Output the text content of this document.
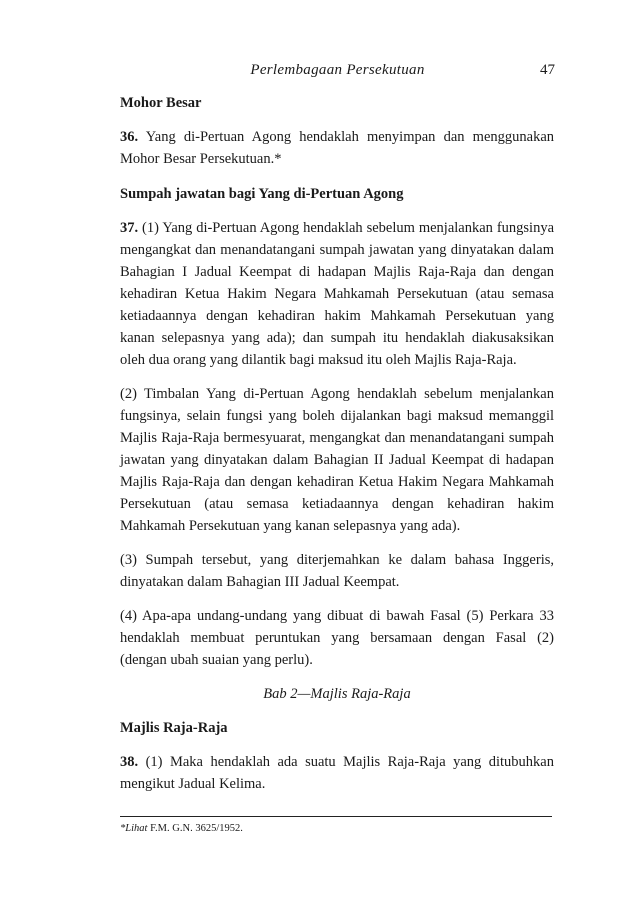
Perlembagaan Persekutuan	47

Mohor Besar

36. Yang di-Pertuan Agong hendaklah menyimpan dan menggunakan Mohor Besar Persekutuan.*

Sumpah jawatan bagi Yang di-Pertuan Agong

37. (1) Yang di-Pertuan Agong hendaklah sebelum menjalankan fungsinya mengangkat dan menandatangani sumpah jawatan yang dinyatakan dalam Bahagian I Jadual Keempat di hadapan Majlis Raja-Raja dan dengan kehadiran Ketua Hakim Negara Mahkamah Persekutuan (atau semasa ketiadaannya dengan kehadiran hakim Mahkamah Persekutuan yang kanan selepasnya yang ada); dan sumpah itu hendaklah diakusaksikan oleh dua orang yang dilantik bagi maksud itu oleh Majlis Raja-Raja.

(2) Timbalan Yang di-Pertuan Agong hendaklah sebelum menjalankan fungsinya, selain fungsi yang boleh dijalankan bagi maksud memanggil Majlis Raja-Raja bermesyuarat, mengangkat dan menandatangani sumpah jawatan yang dinyatakan dalam Bahagian II Jadual Keempat di hadapan Majlis Raja-Raja dan dengan kehadiran Ketua Hakim Negara Mahkamah Persekutuan (atau semasa ketiadaannya dengan kehadiran hakim Mahkamah Persekutuan yang kanan selepasnya yang ada).

(3) Sumpah tersebut, yang diterjemahkan ke dalam bahasa Inggeris, dinyatakan dalam Bahagian III Jadual Keempat.

(4) Apa-apa undang-undang yang dibuat di bawah Fasal (5) Perkara 33 hendaklah membuat peruntukan yang bersamaan dengan Fasal (2) (dengan ubah suaian yang perlu).

Bab 2—Majlis Raja-Raja

Majlis Raja-Raja

38. (1) Maka hendaklah ada suatu Majlis Raja-Raja yang ditubuhkan mengikut Jadual Kelima.

*Lihat F.M. G.N. 3625/1952.
